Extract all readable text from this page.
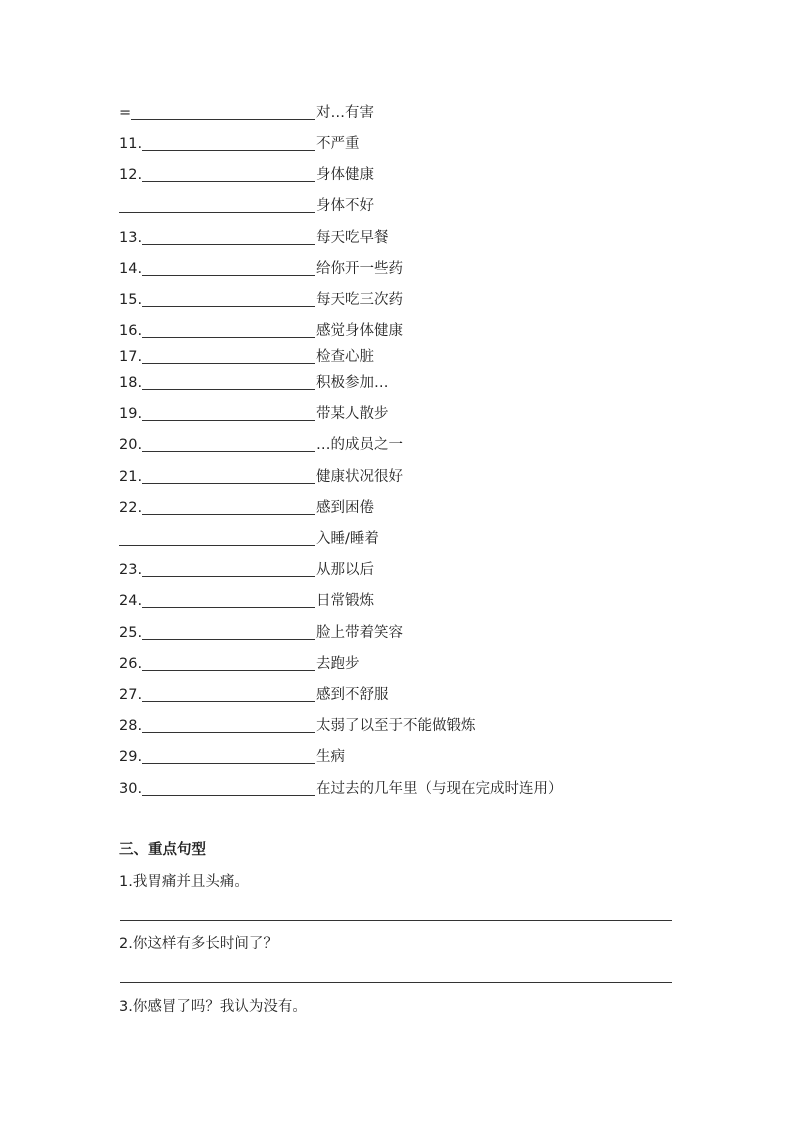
=	对…有害
11.	不严重
12.	身体健康
身体不好
13.	每天吃早餐
14.	给你开一些药
15.	每天吃三次药
16.	感觉身体健康
17.	检查心脏
18.	积极参加…
19.	带某人散步
20.	…的成员之一
21.	健康状况很好
22.	感到困倦
入睡/睡着
23.	从那以后
24.	日常锻炼
25.	脸上带着笑容
26.	去跑步
27.	感到不舒服
28.	太弱了以至于不能做锻炼
29.	生病
30.	在过去的几年里（与现在完成时连用）
三、重点句型
1.我胃痛并且头痛。
2.你这样有多长时间了？
3.你感冒了吗？我认为没有。
